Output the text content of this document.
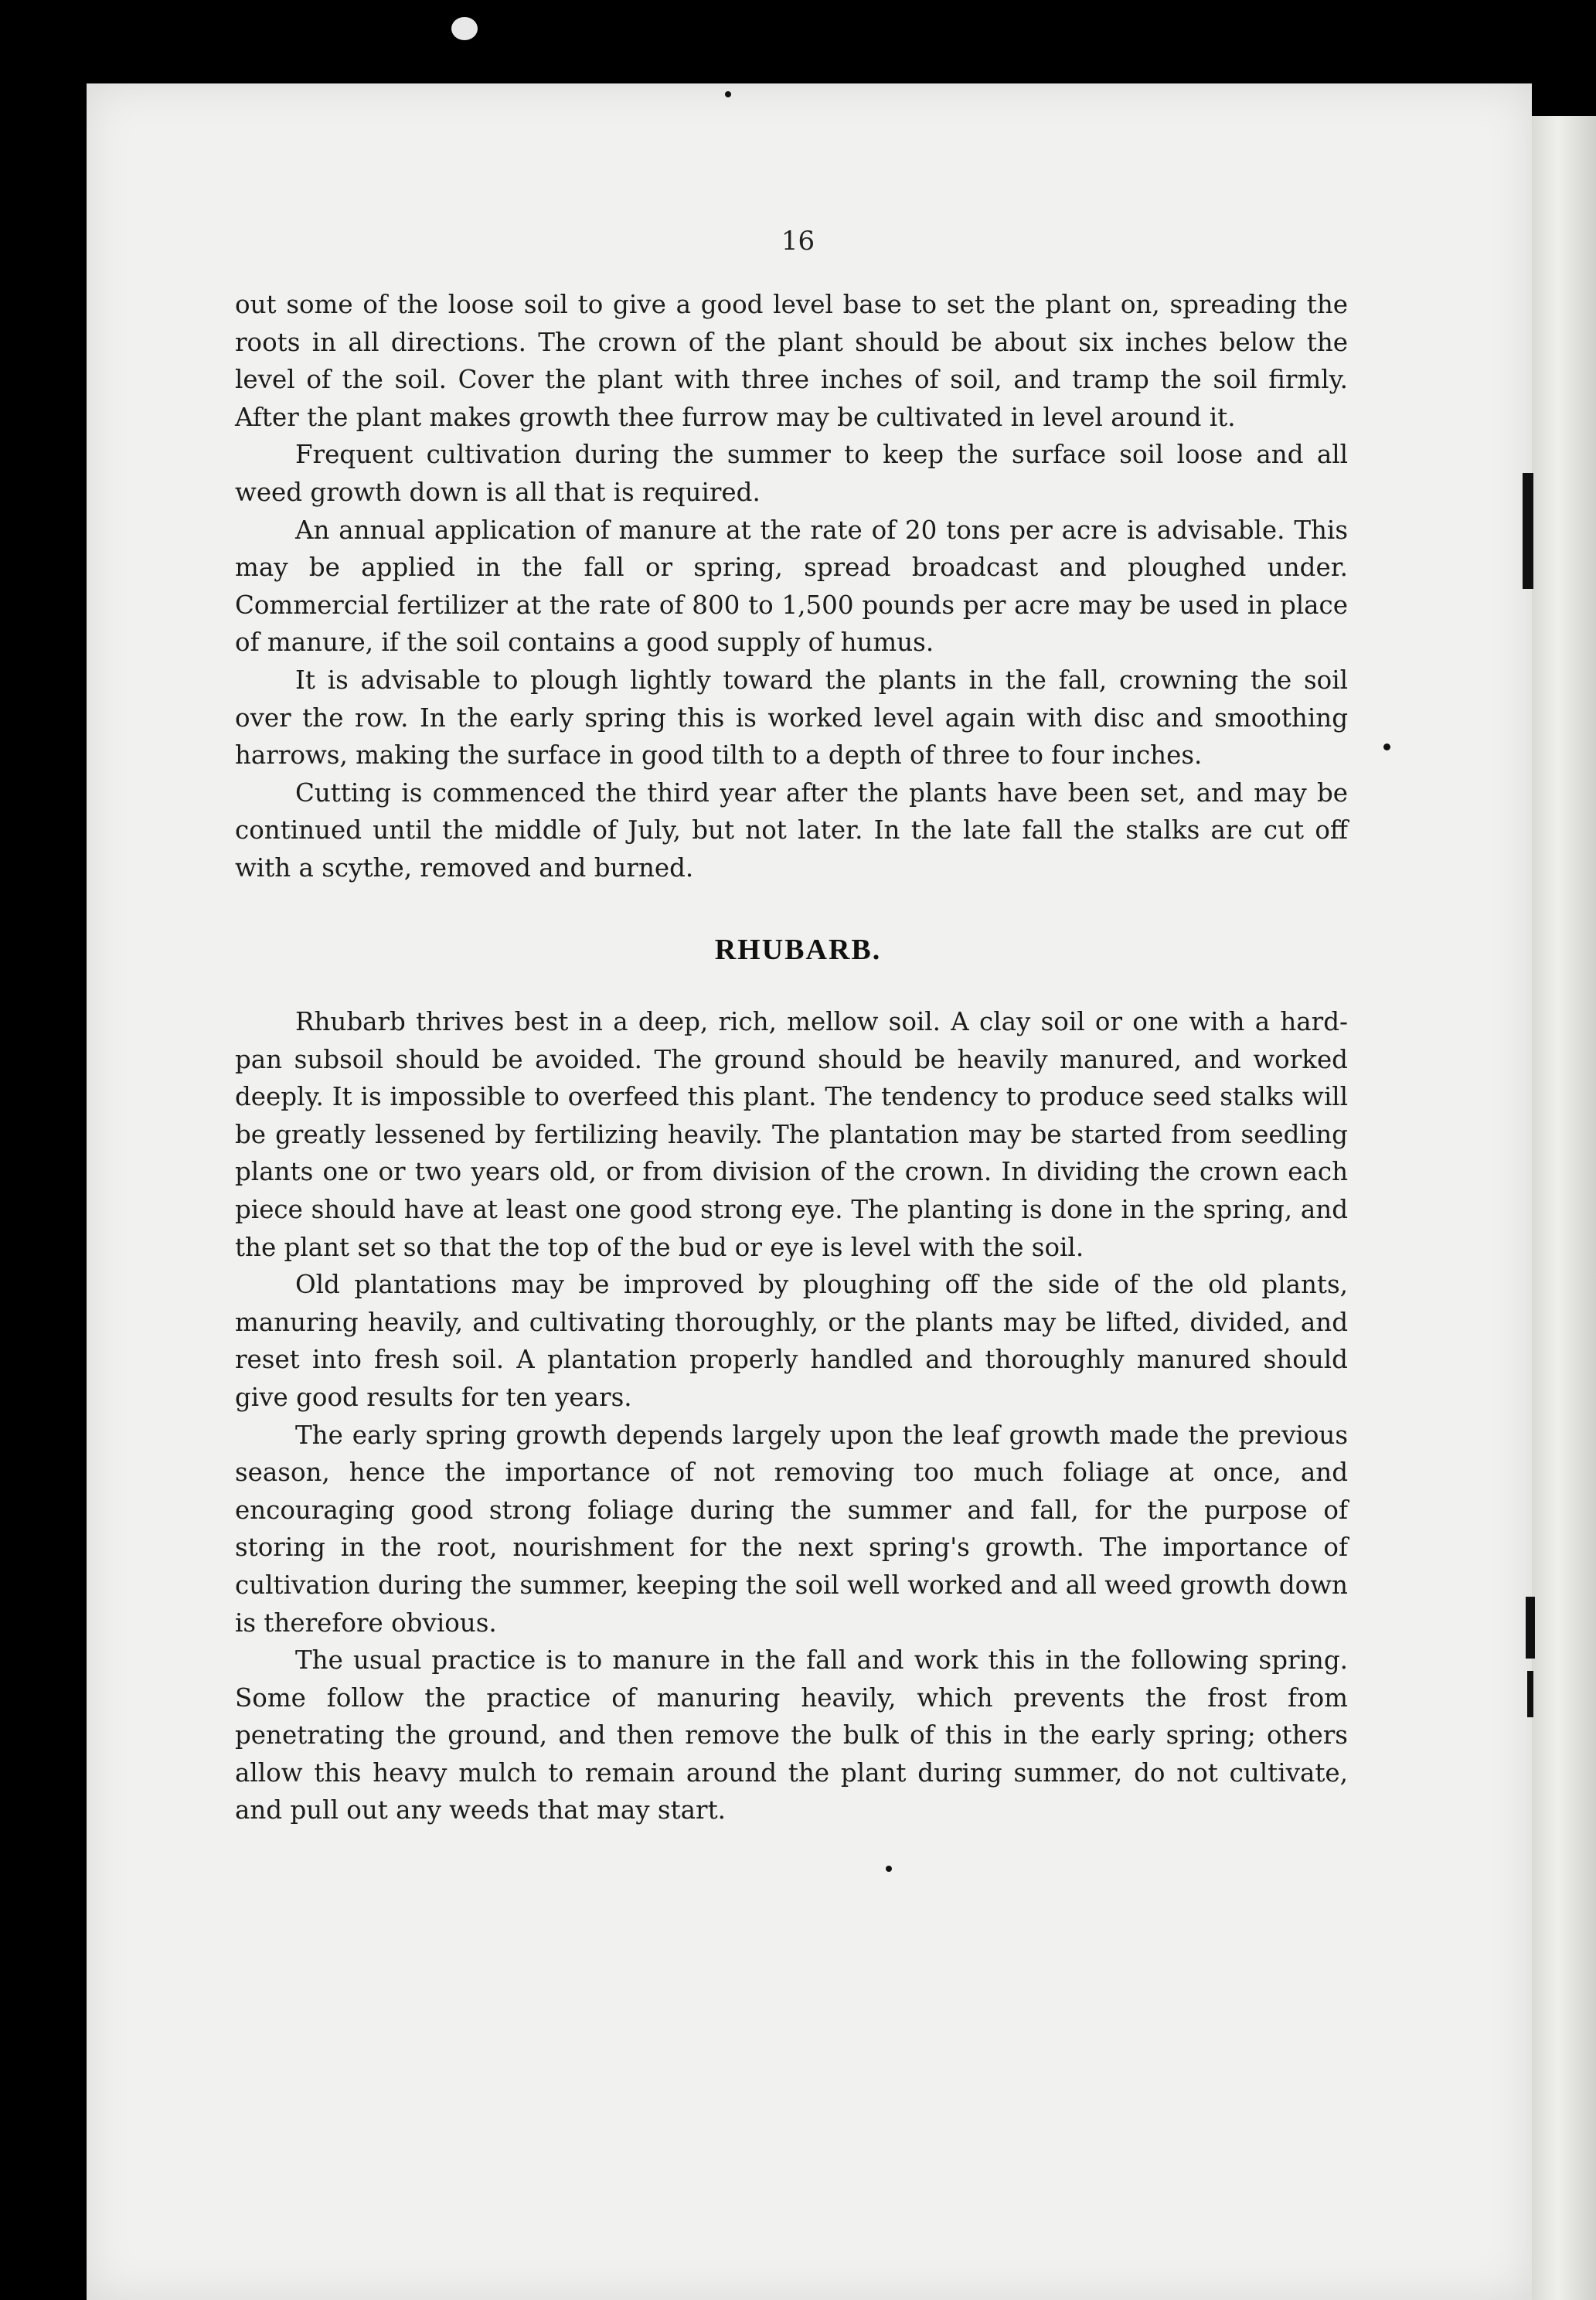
16

out some of the loose soil to give a good level base to set the plant on, spreading the roots in all directions. The crown of the plant should be about six inches below the level of the soil. Cover the plant with three inches of soil, and tramp the soil firmly. After the plant makes growth thee furrow may be cultivated in level around it.

Frequent cultivation during the summer to keep the surface soil loose and all weed growth down is all that is required.

An annual application of manure at the rate of 20 tons per acre is advisable. This may be applied in the fall or spring, spread broadcast and ploughed under. Commercial fertilizer at the rate of 800 to 1,500 pounds per acre may be used in place of manure, if the soil contains a good supply of humus.

It is advisable to plough lightly toward the plants in the fall, crowning the soil over the row. In the early spring this is worked level again with disc and smoothing harrows, making the surface in good tilth to a depth of three to four inches.

Cutting is commenced the third year after the plants have been set, and may be continued until the middle of July, but not later. In the late fall the stalks are cut off with a scythe, removed and burned.

RHUBARB.

Rhubarb thrives best in a deep, rich, mellow soil. A clay soil or one with a hard-pan subsoil should be avoided. The ground should be heavily manured, and worked deeply. It is impossible to overfeed this plant. The tendency to produce seed stalks will be greatly lessened by fertilizing heavily. The plantation may be started from seedling plants one or two years old, or from division of the crown. In dividing the crown each piece should have at least one good strong eye. The planting is done in the spring, and the plant set so that the top of the bud or eye is level with the soil.

Old plantations may be improved by ploughing off the side of the old plants, manuring heavily, and cultivating thoroughly, or the plants may be lifted, divided, and reset into fresh soil. A plantation properly handled and thoroughly manured should give good results for ten years.

The early spring growth depends largely upon the leaf growth made the previous season, hence the importance of not removing too much foliage at once, and encouraging good strong foliage during the summer and fall, for the purpose of storing in the root, nourishment for the next spring's growth. The importance of cultivation during the summer, keeping the soil well worked and all weed growth down is therefore obvious.

The usual practice is to manure in the fall and work this in the following spring. Some follow the practice of manuring heavily, which prevents the frost from penetrating the ground, and then remove the bulk of this in the early spring; others allow this heavy mulch to remain around the plant during summer, do not cultivate, and pull out any weeds that may start.
